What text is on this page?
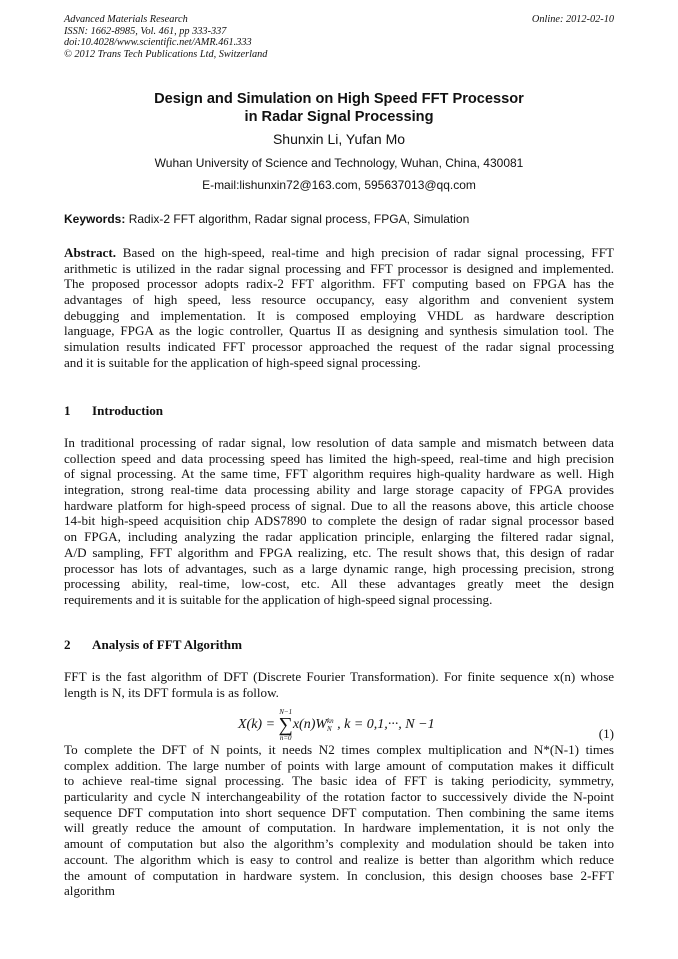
Advanced Materials Research
ISSN: 1662-8985, Vol. 461, pp 333-337
doi:10.4028/www.scientific.net/AMR.461.333
© 2012 Trans Tech Publications Ltd, Switzerland
Online: 2012-02-10
Design and Simulation on High Speed FFT Processor
in Radar Signal Processing
Shunxin Li, Yufan Mo
Wuhan University of Science and Technology, Wuhan, China, 430081
E-mail:lishunxin72@163.com, 595637013@qq.com
Keywords: Radix-2 FFT algorithm, Radar signal process, FPGA, Simulation
Abstract. Based on the high-speed, real-time and high precision of radar signal processing, FFT
arithmetic is utilized in the radar signal processing and FFT processor is designed and implemented.
The proposed processor adopts radix-2 FFT algorithm. FFT computing based on FPGA has the
advantages of high speed, less resource occupancy, easy algorithm and convenient system
debugging and implementation. It is composed employing VHDL as hardware description
language, FPGA as the logic controller, Quartus II as designing and synthesis simulation tool. The
simulation results indicated FFT processor approached the request of the radar signal processing
and it is suitable for the application of high-speed signal processing.
1 Introduction
In traditional processing of radar signal, low resolution of data sample and mismatch between data
collection speed and data processing speed has limited the high-speed, real-time and high precision
of signal processing. At the same time, FFT algorithm requires high-quality hardware as well. High
integration, strong real-time data processing ability and large storage capacity of FPGA provides
hardware platform for high-speed process of signal. Due to all the reasons above, this article choose
14-bit high-speed acquisition chip ADS7890 to complete the design of radar signal processor based
on FPGA, including analyzing the radar application principle, enlarging the filtered radar signal,
A/D sampling, FFT algorithm and FPGA realizing, etc. The result shows that, this design of radar
processor has lots of advantages, such as a large dynamic range, high processing precision, strong
processing ability, real-time, low-cost, etc. All these advantages greatly meet the design
requirements and it is suitable for the application of high-speed signal processing.
2 Analysis of FFT Algorithm
FFT is the fast algorithm of DFT (Discrete Fourier Transformation). For finite sequence x(n) whose
length is N, its DFT formula is as follow.
X(k) =
N−1
∑
n=0
x(n)W kn
N , k = 0,1,···, N −1
(1)
To complete the DFT of N points, it needs N2 times complex multiplication and N*(N-1) times
complex addition. The large number of points with large amount of computation makes it difficult
to achieve real-time signal processing. The basic idea of FFT is taking periodicity, symmetry,
particularity and cycle N interchangeability of the rotation factor to successively divide the N-point
sequence DFT computation into short sequence DFT computation. Then combining the same items
will greatly reduce the amount of computation. In hardware implementation, it is not only the
amount of computation but also the algorithm’s complexity and modulation should be taken into
account. The algorithm which is easy to control and realize is better than algorithm which reduce
the amount of computation in hardware system. In conclusion, this design chooses base 2-FFT
algorithm
